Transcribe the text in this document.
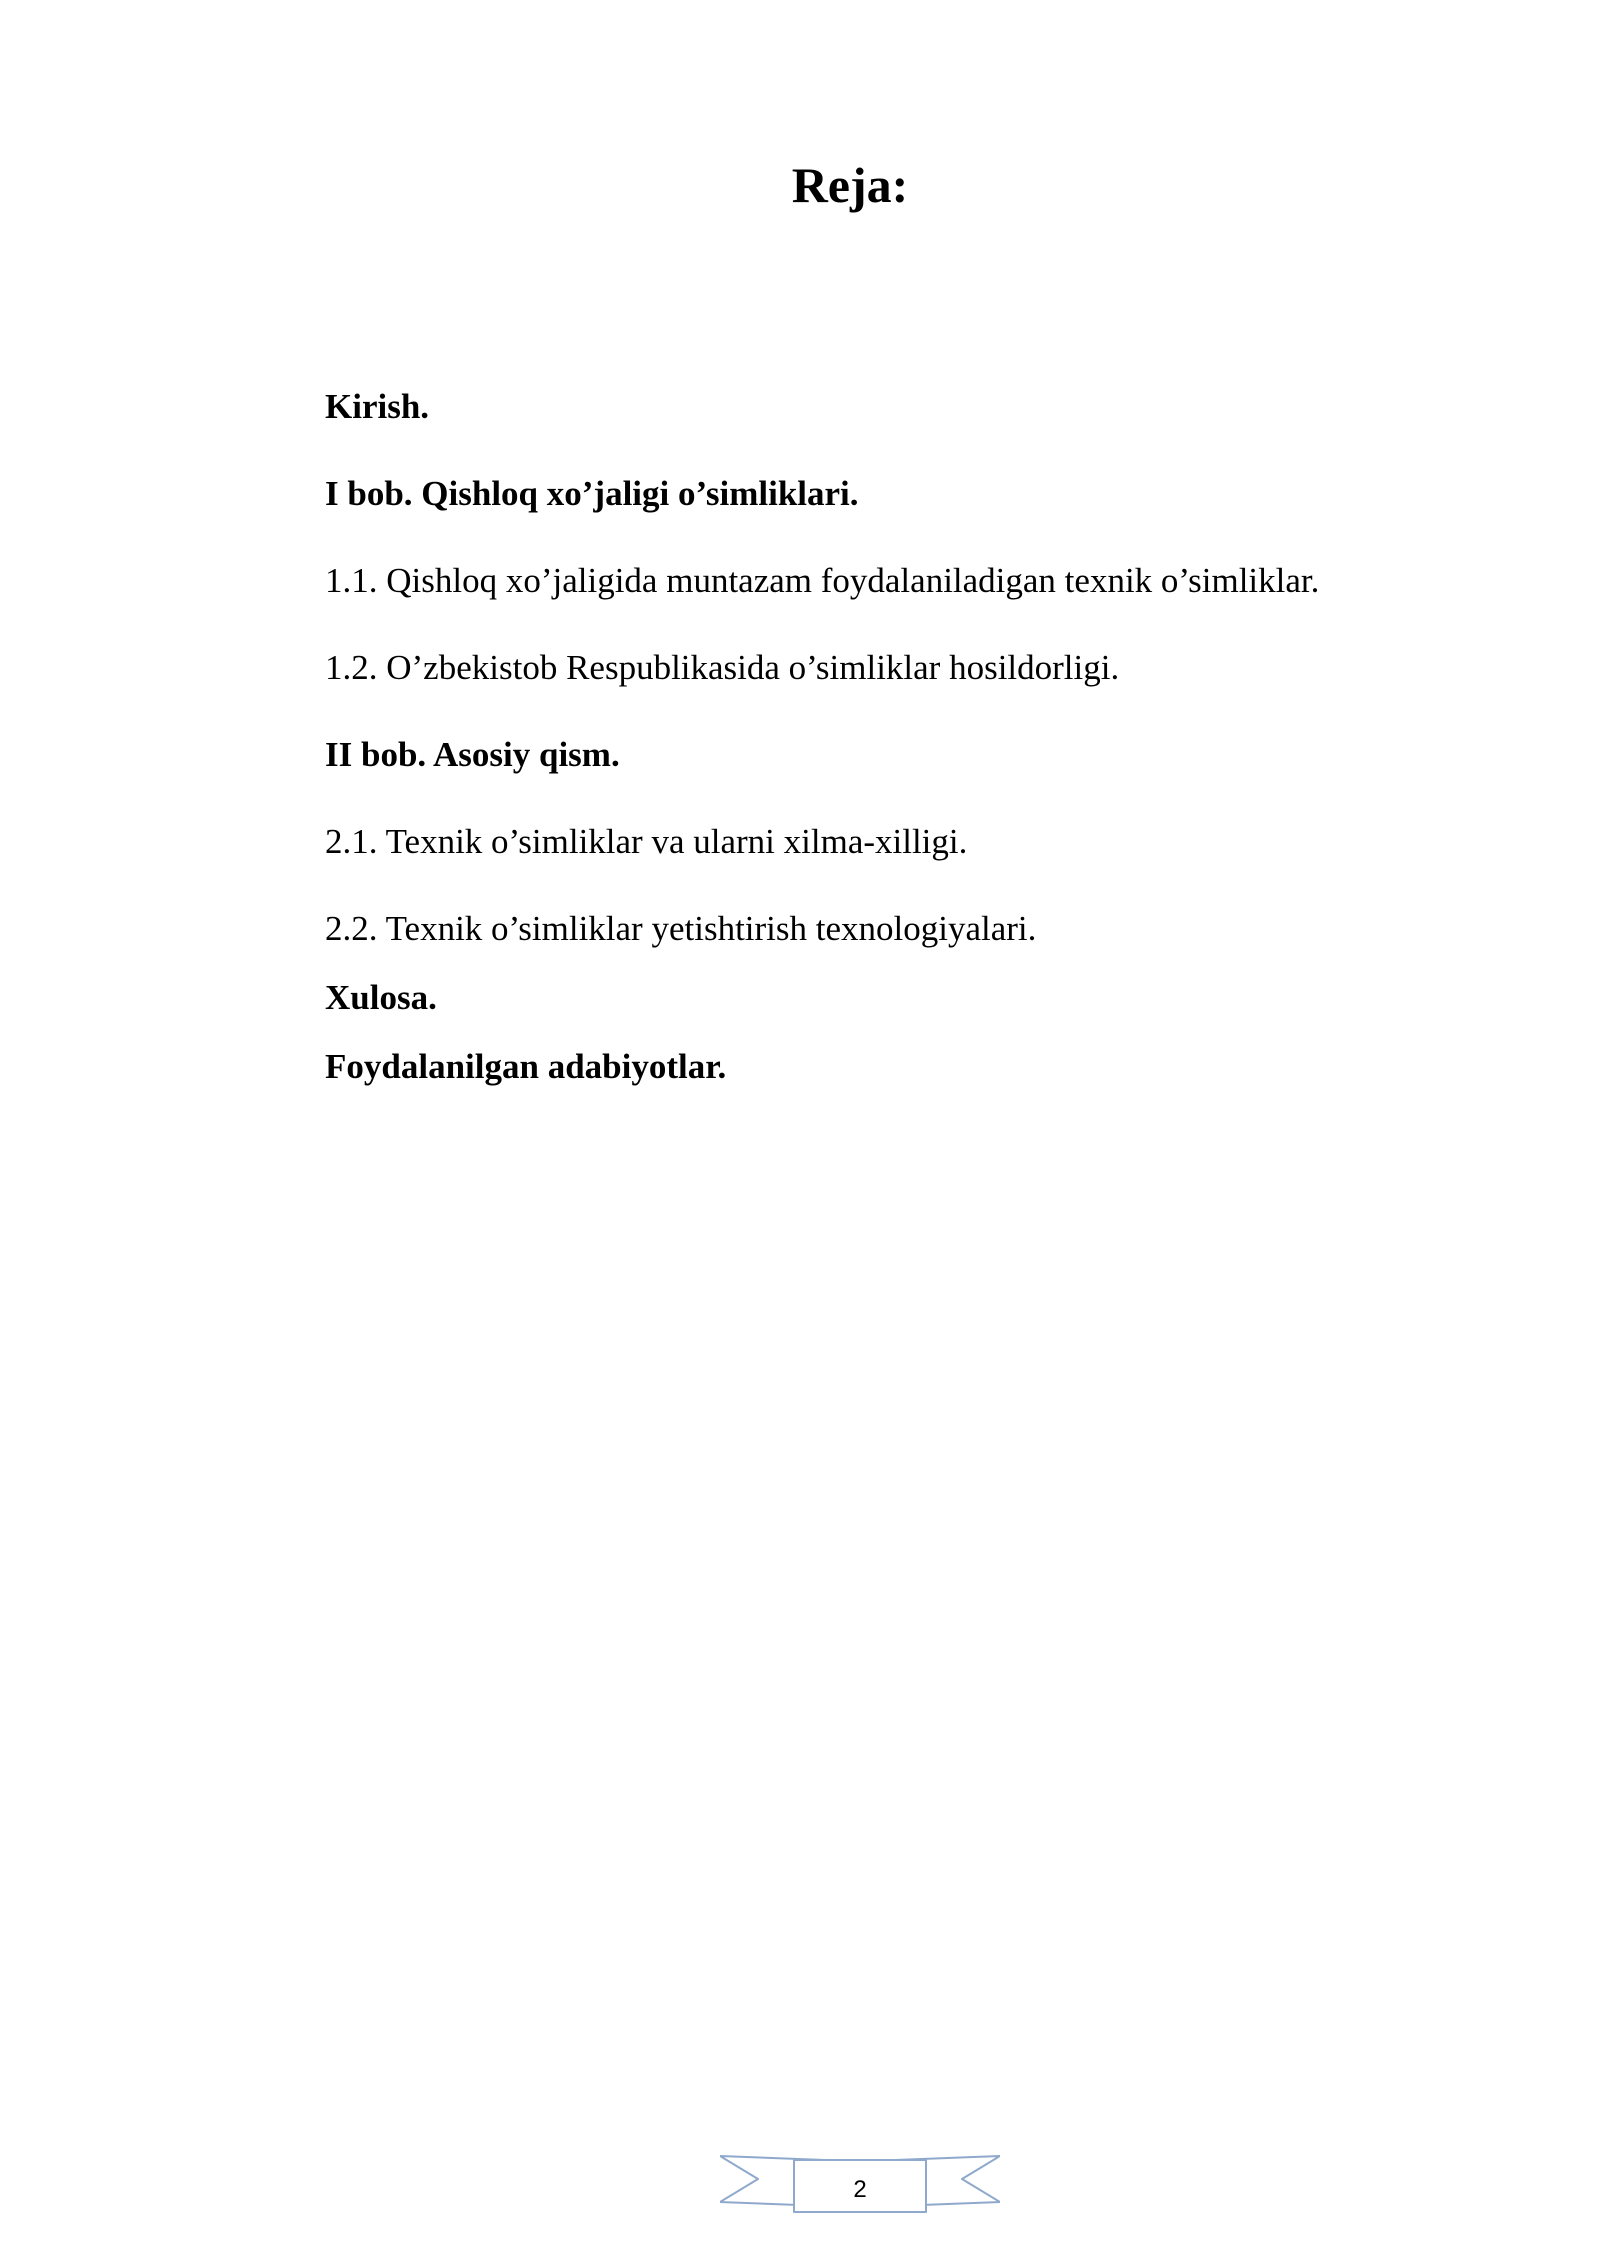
Reja:
Kirish.
I bob. Qishloq xo’jaligi o’simliklari.
1.1. Qishloq xo’jaligida muntazam foydalaniladigan texnik o’simliklar.
1.2. O’zbekistob Respublikasida o’simliklar hosildorligi.
II bob. Asosiy qism.
2.1. Texnik o’simliklar va ularni xilma-xilligi.
2.2. Texnik o’simliklar yetishtirish texnologiyalari.
Xulosa.
Foydalanilgan adabiyotlar.
2
